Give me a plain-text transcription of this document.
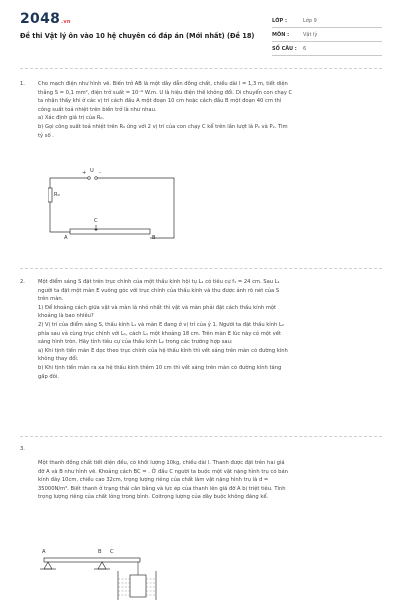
2048.vn
Đề thi Vật lý ôn vào 10 hệ chuyên có đáp án (Mới nhất) (Đề 18)
LỚP :	Lớp 9
MÔN :	Vật lý
SỐ CÂU : 6
1.	Cho mạch điện như hình vẽ. Biến trở AB là một dây dẫn đồng chất, chiều dài l = 1,3 m, tiết diện

thẳng S = 0,1 mm², điện trở suất = 10⁻⁶ W.m. U là hiệu điện thế không đổi. Di chuyển con chạy C

ta nhận thấy khi ở các vị trí cách đầu A một đoạn 10 cm hoặc cách đầu B một đoạn 40 cm thì

công suất toả nhiệt trên biến trở là như nhau.

a) Xác định giá trị của R₀.

b) Gọi công suất toả nhiệt trên R₀ ứng với 2 vị trí của con chạy C kể trên lần lượt là P₁ và P₂. Tìm

tỷ số .

+ -
U
R₀
C
A	B
2.	Một điểm sáng S đặt trên trục chính của một thấu kính hội tụ L₁ có tiêu cự f₁ = 24 cm. Sau L₁

người ta đặt một màn E vuông góc với trục chính của thấu kính và thu được ảnh rõ nét của S

trên màn.

1) Để khoảng cách giữa vật và màn là nhỏ nhất thì vật và màn phải đặt cách thấu kính một

khoảng là bao nhiêu?

2) Vị trí của điểm sáng S, thấu kính L₁ và màn E đang ở vị trí của ý 1. Người ta đặt thấu kính L₂

phía sau và cùng trục chính với L₁, cách L₁ một khoảng 18 cm. Trên màn E lúc này có một vết

sáng hình tròn. Hãy tính tiêu cự của thấu kính L₂ trong các trường hợp sau:

a) Khi tịnh tiến màn E dọc theo trục chính của hệ thấu kính thì vết sáng trên màn có đường kính

không thay đổi.

b) Khi tịnh tiến màn ra xa hệ thấu kính thêm 10 cm thì vết sáng trên màn có đường kính tăng

gấp đôi.

3.

Một thanh đồng chất tiết diện đều, có khối lượng 10kg, chiều dài l. Thanh được đặt trên hai giá

đỡ A và B như hình vẽ. Khoảng cách BC = . Ở đầu C người ta buộc một vật nặng hình trụ có bán

kính đáy 10cm, chiều cao 32cm, trọng lượng riêng của chất làm vật nặng hình trụ là d =

35000N/m³. Biết thanh ở trạng thái cân bằng và lực ép của thanh lên giá đỡ A bị triệt tiêu. Tính

trọng lượng riêng của chất lỏng trong bình. Coitrọng lượng của dây buộc không đáng kể.

A	B C
